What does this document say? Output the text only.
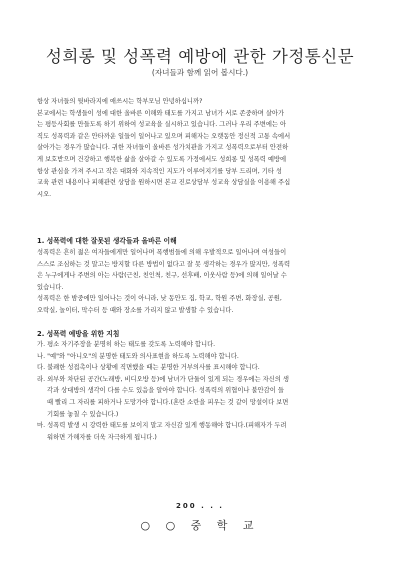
성희롱 및 성폭력 예방에 관한 가정통신문
(자녀들과 함께 읽어 봅시다.)
항상 자녀들의 뒷바라지에 애쓰시는 학부모님 안녕하십니까?
본교에서는 학생들이 성에 대한 올바른 이해와 태도를 가지고 남녀가 서로 존중하며 살아가
는 평등사회를 만들도록 하기 위하여 성교육을 실시하고 있습니다. 그러나 우리 주변에는 아
직도 성폭력과 같은 안타까운 일들이 일어나고 있으며 피해자는 오랫동안 정신적 고통 속에서
살아가는 경우가 많습니다. 귀한 자녀들이 올바른 성가치관을 가지고 성폭력으로부터 안전하
게 보호받으며 건강하고 행복한 삶을 살아갈 수 있도록 가정에서도 성희롱 및 성폭력 예방에
항상 관심을 가져 주시고 작은 대화와 지속적인 지도가 이루어지기를 당부 드리며, 기타 성
교육 관련 내용이나 피해관련 상담을 원하시면 본교 진로상담부 성교육 상담실을 이용해 주십
시오.
1. 성폭력에 대한 잘못된 생각들과 올바른 이해
성폭력은 흔히 젊은 여자들에게만 일어나며 폭행범들에 의해 우발적으로 일어나며 여성들이
스스로 조심하는 것 말고는 방지할 다른 방법이 없다고 잘 못 생각하는 경우가 많지만, 성폭력
은 누구에게나 주변의 아는 사람(근친, 친인척, 친구, 선후배, 이웃사람 등)에 의해 일어날 수
있습니다.
성폭력은 한 밤중에만 일어나는 것이 아니라, 낮 동안도 집, 학교, 학원 주변, 화장실, 공원,
오락실, 놀이터, 막수터 등 때와 장소를 가리지 않고 발생할 수 있습니다.
2. 성폭력 예방을 위한 지침
가. 평소 자기주장을 분명히 하는 태도를 갖도록 노력해야 합니다.
나. "예"와 "아니오"의 분명한 태도와 의사표현을 하도록 노력해야 합니다.
다. 불쾌한 성접촉이나 상황에 직면했을 때는 분명한 거부의사를 표시해야 합니다.
라. 외부와 차단된 공간(노래방, 비디오방 등)에 남녀가 단둘이 있게 되는 경우에는 자신의 생
각과 상대방의 생각이 다를 수도 있음을 알아야 합니다. 성폭력의 위협이나 불안감이 들
때 빨리 그 자리를 피하거나 도망가야 합니다.(혼란 소란을 피우는 것 같이 망설이다 보면
기회를 놓칠 수 있습니다.)
마. 성폭력 발생 시 강력한 태도를 보이지 말고 자신감 있게 행동해야 합니다.(피해자가 두려
워하면 가해자를 더욱 자극하게 됩니다.)
200 . . .
○ ○ 중 학 교
